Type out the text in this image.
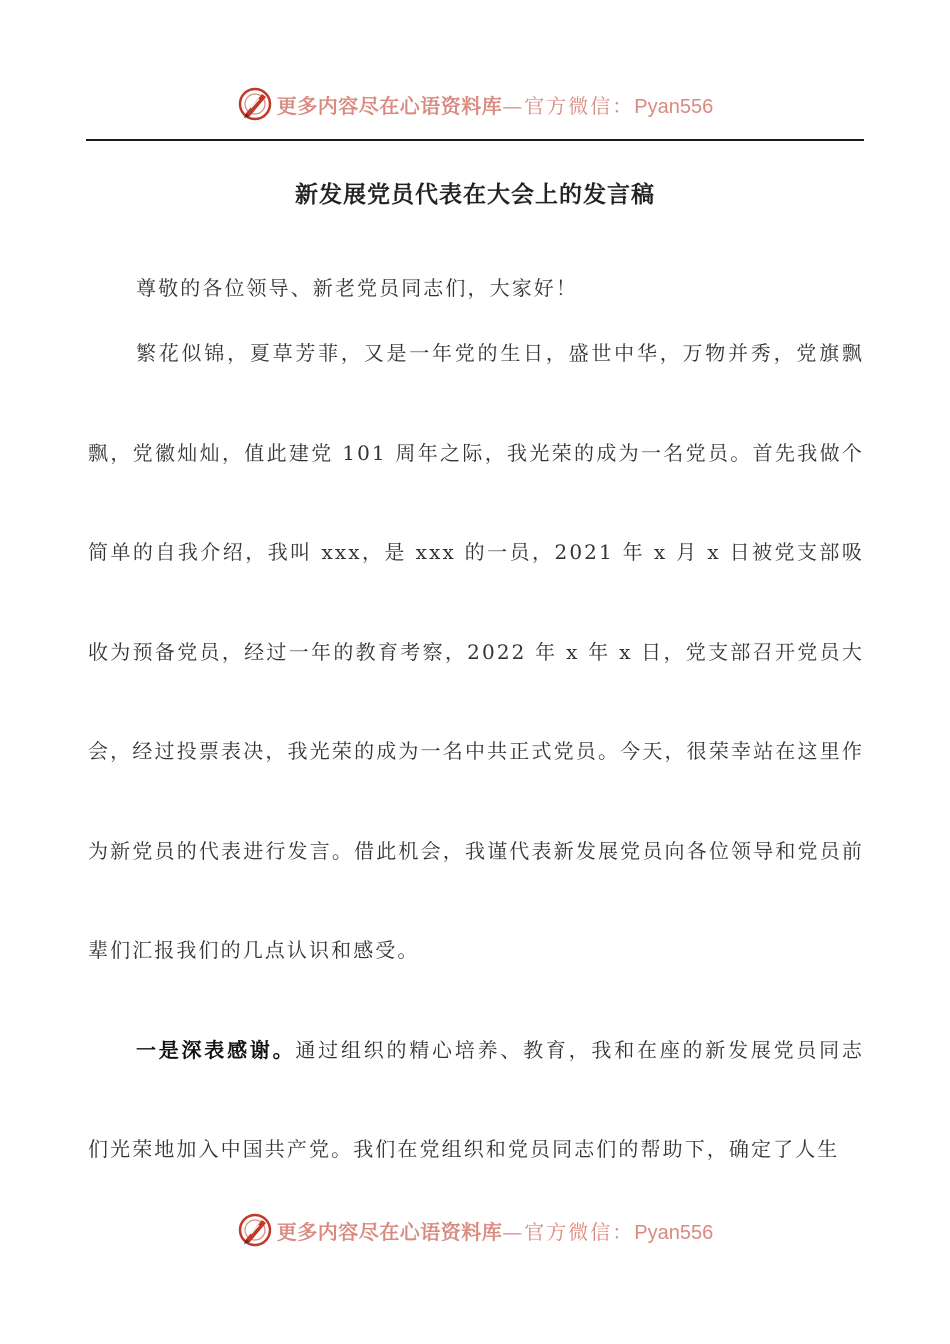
更多内容尽在心语资料库 — 官方微信： Pyan556
新发展党员代表在大会上的发言稿

尊敬的各位领导、新老党员同志们，大家好！

繁花似锦，夏草芳菲，又是一年党的生日，盛世中华，万物并秀，党旗飘飘，党徽灿灿，值此建党 101 周年之际，我光荣的成为一名党员。首先我做个简单的自我介绍，我叫 xxx，是 xxx 的一员，2021 年 x 月 x 日被党支部吸收为预备党员，经过一年的教育考察，2022 年 x 年 x 日，党支部召开党员大会，经过投票表决，我光荣的成为一名中共正式党员。今天，很荣幸站在这里作为新党员的代表进行发言。借此机会，我谨代表新发展党员向各位领导和党员前辈们汇报我们的几点认识和感受。

一是深表感谢。通过组织的精心培养、教育，我和在座的新发展党员同志们光荣地加入中国共产党。我们在党组织和党员同志们的帮助下，确定了人生

更多内容尽在心语资料库 — 官方微信： Pyan556
